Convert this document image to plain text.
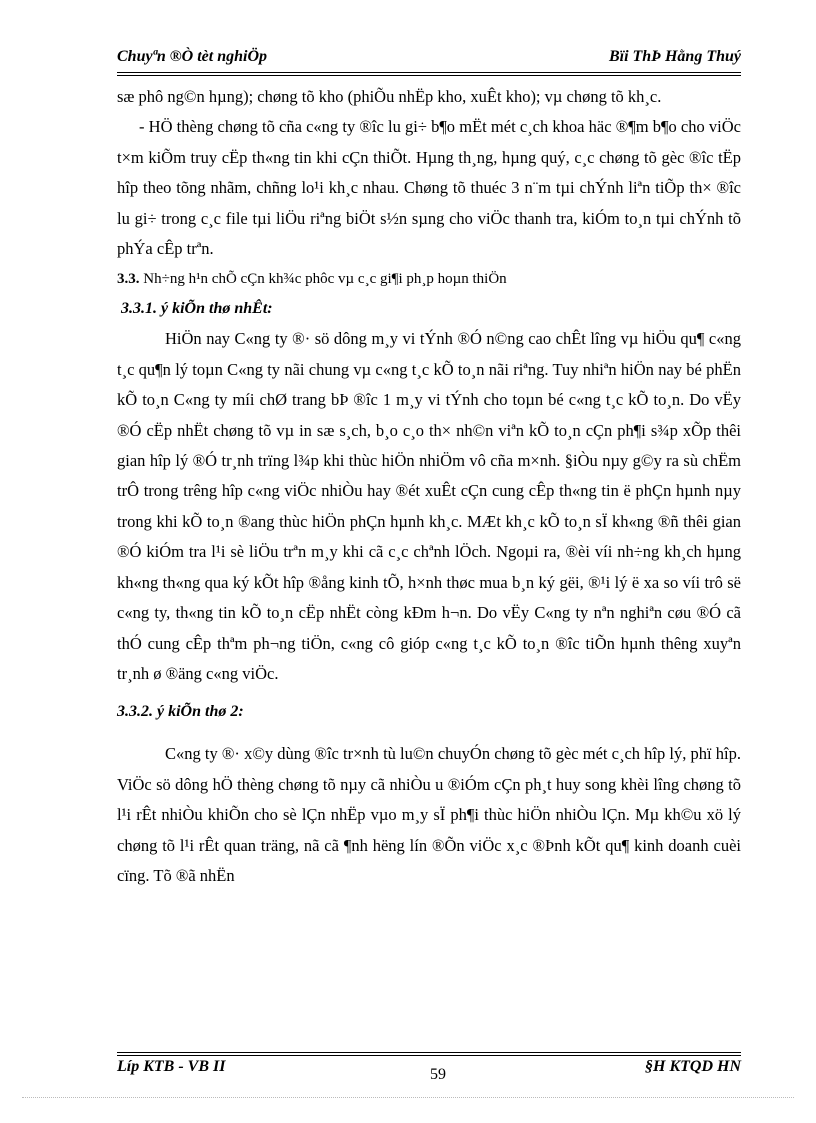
Chuyªn ®Ò tèt nghiÖp	Bïi ThÞ Hằng Thuý

sæ phô ng©n hµng); chøng tõ kho (phiÕu nhËp kho, xuÊt kho); vµ chøng tõ kh¸c.

- HÖ thèng chøng tõ cña c«ng ty ®îc lu gi÷ b¶o mËt mét c¸ch khoa häc ®¶m b¶o cho viÖc t×m kiÕm truy cËp th«ng tin khi cÇn thiÕt. Hµng th¸ng, hµng quý, c¸c chøng tõ gèc ®îc tËp hîp theo tõng nhãm, chñng lo¹i kh¸c nhau. Chøng tõ thuéc 3 n¨m tµi chÝnh liªn tiÕp th× ®îc lu gi÷ trong c¸c file tµi liÖu riªng biÖt s½n sµng cho viÖc thanh tra, kiÓm to¸n tµi chÝnh tõ phÝa cÊp trªn.

3.3. Nh÷ng h¹n chÕ cÇn kh¾c phôc vµ c¸c gi¶i ph¸p hoµn thiÖn

3.3.1. ý kiÕn thø nhÊt:

HiÖn nay C«ng ty ®· sö dông m¸y vi tÝnh ®Ó n©ng cao chÊt lîng vµ hiÖu qu¶ c«ng t¸c qu¶n lý toµn C«ng ty nãi chung vµ c«ng t¸c kÕ to¸n nãi riªng. Tuy nhiªn hiÖn nay bé phËn kÕ to¸n C«ng ty míi chØ trang bÞ ®îc 1 m¸y vi tÝnh cho toµn bé c«ng t¸c kÕ to¸n. Do vËy ®Ó cËp nhËt chøng tõ vµ in sæ s¸ch, b¸o c¸o th× nh©n viªn kÕ to¸n cÇn ph¶i s¾p xÕp thêi gian hîp lý ®Ó tr¸nh trïng l¾p khi thùc hiÖn nhiÖm vô cña m×nh. §iÒu nµy g©y ra sù chËm trÔ trong trêng hîp c«ng viÖc nhiÒu hay ®ét xuÊt cÇn cung cÊp th«ng tin ë phÇn hµnh nµy trong khi kÕ to¸n ®ang thùc hiÖn phÇn hµnh kh¸c. MÆt kh¸c kÕ to¸n sÏ kh«ng ®ñ thêi gian ®Ó kiÓm tra l¹i sè liÖu trªn m¸y khi cã c¸c chªnh lÖch. Ngoµi ra, ®èi víi nh÷ng kh¸ch hµng kh«ng th«ng qua ký kÕt hîp ®ång kinh tÕ, h×nh thøc mua b¸n ký gëi, ®¹i lý ë xa so víi trô së c«ng ty, th«ng tin kÕ to¸n cËp nhËt còng kÐm h¬n. Do vËy C«ng ty nªn nghiªn cøu ®Ó cã thÓ cung cÊp thªm ph¬ng tiÖn, c«ng cô gióp c«ng t¸c kÕ to¸n ®îc tiÕn hµnh thêng xuyªn tr¸nh ø ®äng c«ng viÖc.

3.3.2. ý kiÕn thø 2:

C«ng ty ®· x©y dùng ®îc tr×nh tù lu©n chuyÓn chøng tõ gèc mét c¸ch hîp lý, phï hîp. ViÖc sö dông hÖ thèng chøng tõ nµy cã nhiÒu u ®iÓm cÇn ph¸t huy song khèi lîng chøng tõ l¹i rÊt nhiÒu khiÕn cho sè lÇn nhËp vµo m¸y sÏ ph¶i thùc hiÖn nhiÒu lÇn. Mµ kh©u xö lý chøng tõ l¹i rÊt quan träng, nã cã ¶nh hëng lín ®Õn viÖc x¸c ®Þnh kÕt qu¶ kinh doanh cuèi cïng. Tõ ®ã nhËn

Líp KTB - VB II	59	§H KTQD HN
